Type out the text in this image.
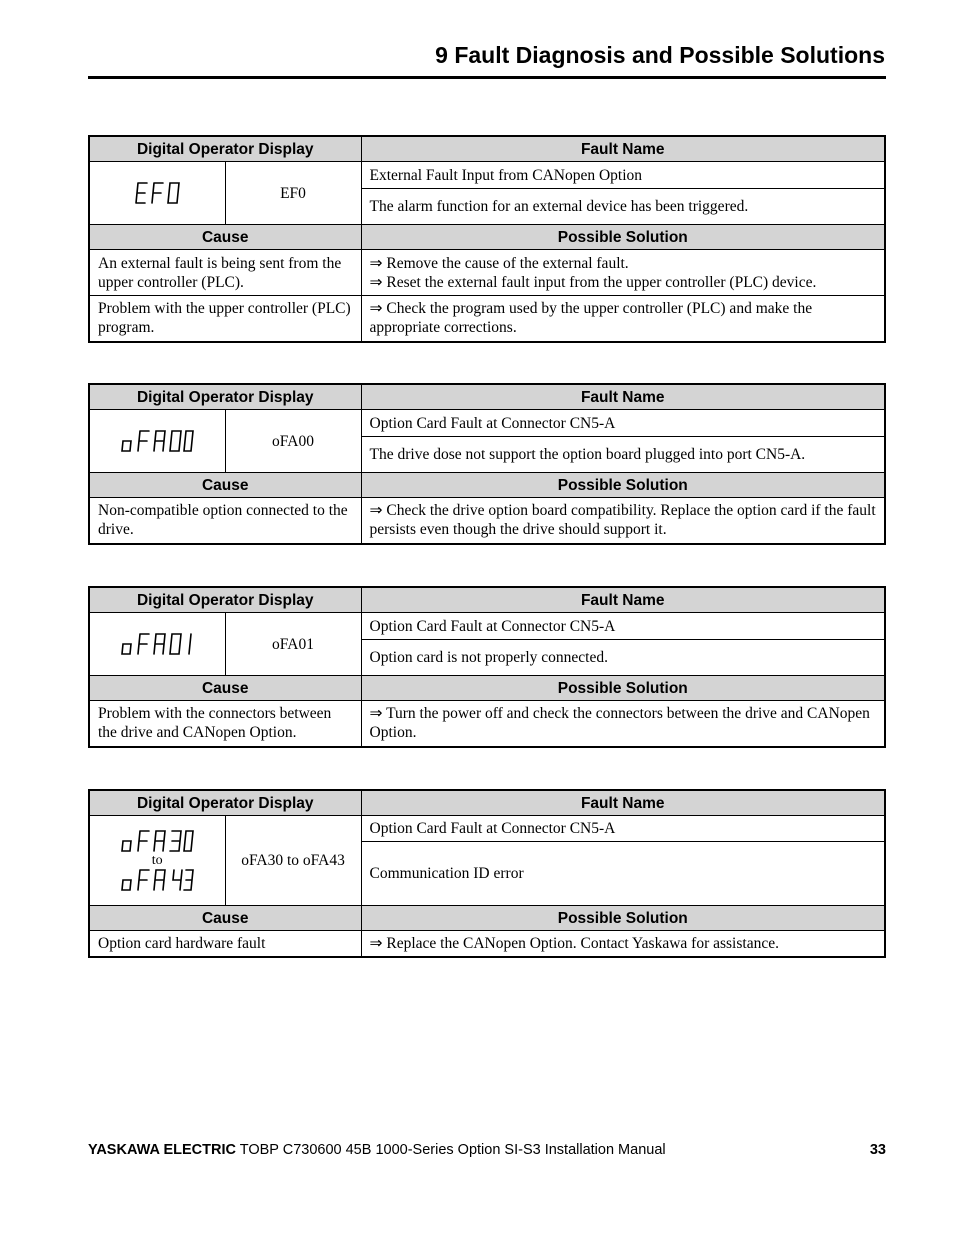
9 Fault Diagnosis and Possible Solutions
Digital Operator Display		Fault Name

	EF0	External Fault Input from CANopen Option
		The alarm function for an external device has been triggered.
Cause		Possible Solution
An external fault is being sent from the upper controller (PLC).		⇒ Remove the cause of the external fault.
⇒ Reset the external fault input from the upper controller (PLC) device.

Problem with the upper controller (PLC) program.		⇒ Check the program used by the upper controller (PLC) and make the appropriate corrections.
Digital Operator Display		Fault Name

	oFA00	Option Card Fault at Connector CN5-A
		The drive dose not support the option board plugged into port CN5-A.
Cause		Possible Solution
Non-compatible option connected to the drive.		⇒ Check the drive option board compatibility. Replace the option card if the fault persists even though the drive should support it.
Digital Operator Display		Fault Name

	oFA01	Option Card Fault at Connector CN5-A
		Option card is not properly connected.
Cause		Possible Solution
Problem with the connectors between the drive and CANopen Option.		⇒ Turn the power off and check the connectors between the drive and CANopen Option.
Digital Operator Display		Fault Name

to	oFA30 to oFA43	Option Card Fault at Connector CN5-A
		Communication ID error
Cause		Possible Solution
Option card hardware fault		⇒ Replace the CANopen Option. Contact Yaskawa for assistance.
YASKAWA ELECTRIC TOBP C730600 45B 1000-Series Option SI-S3 Installation Manual	33
